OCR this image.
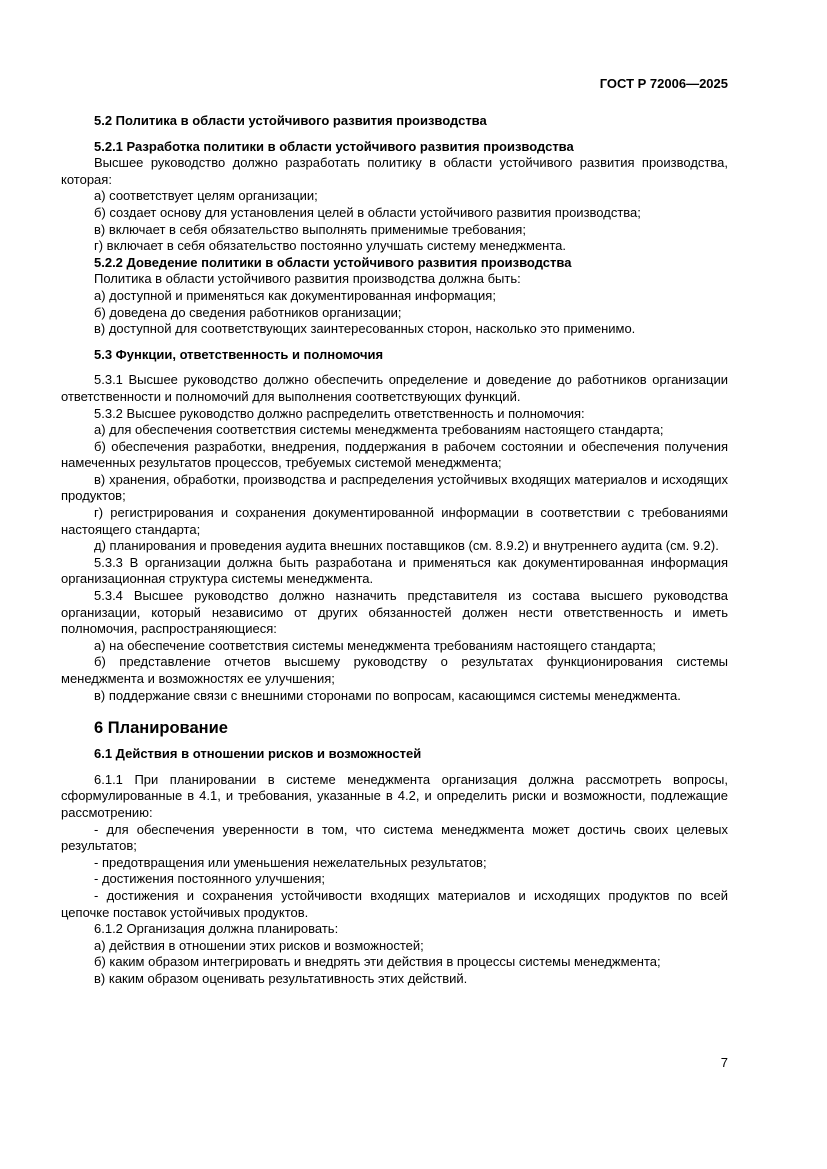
ГОСТ Р 72006—2025
5.2 Политика в области устойчивого развития производства
5.2.1 Разработка политики в области устойчивого развития производства

Высшее руководство должно разработать политику в области устойчивого развития производства, которая:

а) соответствует целям организации;

б) создает основу для установления целей в области устойчивого развития производства;

в) включает в себя обязательство выполнять применимые требования;

г) включает в себя обязательство постоянно улучшать систему менеджмента.

5.2.2 Доведение политики в области устойчивого развития производства

Политика в области устойчивого развития производства должна быть:

а) доступной и применяться как документированная информация;

б) доведена до сведения работников организации;

в) доступной для соответствующих заинтересованных сторон, насколько это применимо.

5.3 Функции, ответственность и полномочия

5.3.1 Высшее руководство должно обеспечить определение и доведение до работников организации ответственности и полномочий для выполнения соответствующих функций.

5.3.2 Высшее руководство должно распределить ответственность и полномочия:

а) для обеспечения соответствия системы менеджмента требованиям настоящего стандарта;

б) обеспечения разработки, внедрения, поддержания в рабочем состоянии и обеспечения получения намеченных результатов процессов, требуемых системой менеджмента;

в) хранения, обработки, производства и распределения устойчивых входящих материалов и исходящих продуктов;

г) регистрирования и сохранения документированной информации в соответствии с требованиями настоящего стандарта;

д) планирования и проведения аудита внешних поставщиков (см. 8.9.2) и внутреннего аудита (см. 9.2).

5.3.3 В организации должна быть разработана и применяться как документированная информация организационная структура системы менеджмента.

5.3.4 Высшее руководство должно назначить представителя из состава высшего руководства организации, который независимо от других обязанностей должен нести ответственность и иметь полномочия, распространяющиеся:

а) на обеспечение соответствия системы менеджмента требованиям настоящего стандарта;

б) представление отчетов высшему руководству о результатах функционирования системы менеджмента и возможностях ее улучшения;

в) поддержание связи с внешними сторонами по вопросам, касающимся системы менеджмента.

6 Планирование
6.1 Действия в отношении рисков и возможностей

6.1.1 При планировании в системе менеджмента организация должна рассмотреть вопросы, сформулированные в 4.1, и требования, указанные в 4.2, и определить риски и возможности, подлежащие рассмотрению:

- для обеспечения уверенности в том, что система менеджмента может достичь своих целевых результатов;

- предотвращения или уменьшения нежелательных результатов;

- достижения постоянного улучшения;

- достижения и сохранения устойчивости входящих материалов и исходящих продуктов по всей цепочке поставок устойчивых продуктов.

6.1.2 Организация должна планировать:

а) действия в отношении этих рисков и возможностей;

б) каким образом интегрировать и внедрять эти действия в процессы системы менеджмента;

в) каким образом оценивать результативность этих действий.

7
